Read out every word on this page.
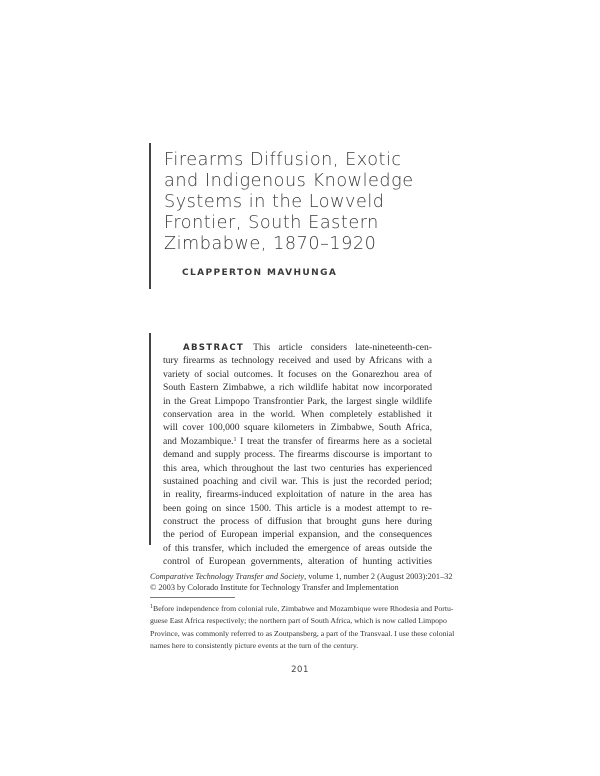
Firearms Diffusion, Exotic
and Indigenous Knowledge
Systems in the Lowveld
Frontier, South Eastern
Zimbabwe, 1870–1920
CLAPPERTON MAVHUNGA
ABSTRACT This article considers late-nineteenth-cen-
tury firearms as technology received and used by Africans with a
variety of social outcomes. It focuses on the Gonarezhou area of
South Eastern Zimbabwe, a rich wildlife habitat now incorporated
in the Great Limpopo Transfrontier Park, the largest single wildlife
conservation area in the world. When completely established it
will cover 100,000 square kilometers in Zimbabwe, South Africa,
and Mozambique.$^1$ I treat the transfer of firearms here as a societal
demand and supply process. The firearms discourse is important to
this area, which throughout the last two centuries has experienced
sustained poaching and civil war. This is just the recorded period;
in reality, firearms-induced exploitation of nature in the area has
been going on since 1500. This article is a modest attempt to re-
construct the process of diffusion that brought guns here during
the period of European imperial expansion, and the consequences
of this transfer, which included the emergence of areas outside the
control of European governments, alteration of hunting activities
Comparative Technology Transfer and Society, volume 1, number 2 (August 2003):201–32
© 2003 by Colorado Institute for Technology Transfer and Implementation
$^1$Before independence from colonial rule, Zimbabwe and Mozambique were Rhodesia and Portu-
guese East Africa respectively; the northern part of South Africa, which is now called Limpopo
Province, was commonly referred to as Zoutpansberg, a part of the Transvaal. I use these colonial
names here to consistently picture events at the turn of the century.
201
